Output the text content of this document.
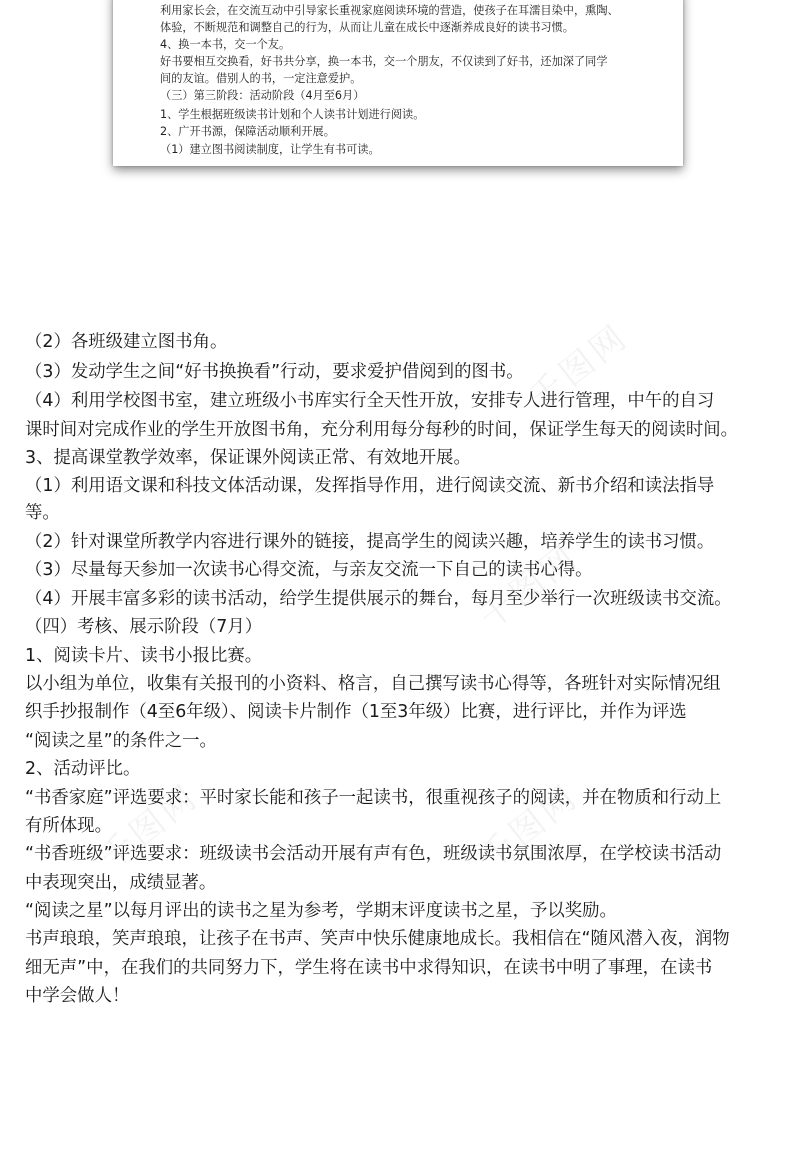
利用家长会，在交流互动中引导家长重视家庭阅读环境的营造，使孩子在耳濡目染中，熏陶、
体验，不断规范和调整自己的行为，从而让儿童在成长中逐渐养成良好的读书习惯。
4、换一本书，交一个友。
好书要相互交换看，好书共分享，换一本书，交一个朋友，不仅读到了好书，还加深了同学
间的友谊。借别人的书，一定注意爱护。
（三）第三阶段：活动阶段（4月至6月）
1、学生根据班级读书计划和个人读书计划进行阅读。
2、广开书源，保障活动顺利开展。
（1）建立图书阅读制度，让学生有书可读。
千图网
千图网
千图网	千图网
（2）各班级建立图书角。
（3）发动学生之间“好书换换看”行动，要求爱护借阅到的图书。
（4）利用学校图书室，建立班级小书库实行全天性开放，安排专人进行管理，中午的自习
课时间对完成作业的学生开放图书角，充分利用每分每秒的时间，保证学生每天的阅读时间。
3、提高课堂教学效率，保证课外阅读正常、有效地开展。
（1）利用语文课和科技文体活动课，发挥指导作用，进行阅读交流、新书介绍和读法指导
等。
（2）针对课堂所教学内容进行课外的链接，提高学生的阅读兴趣，培养学生的读书习惯。
（3）尽量每天参加一次读书心得交流，与亲友交流一下自己的读书心得。
（4）开展丰富多彩的读书活动，给学生提供展示的舞台，每月至少举行一次班级读书交流。
（四）考核、展示阶段（7月）
1、阅读卡片、读书小报比赛。
以小组为单位，收集有关报刊的小资料、格言，自己撰写读书心得等，各班针对实际情况组
织手抄报制作（4至6年级）、阅读卡片制作（1至3年级）比赛，进行评比，并作为评选
“阅读之星”的条件之一。
2、活动评比。
“书香家庭”评选要求：平时家长能和孩子一起读书，很重视孩子的阅读，并在物质和行动上
有所体现。
“书香班级”评选要求：班级读书会活动开展有声有色，班级读书氛围浓厚，在学校读书活动
中表现突出，成绩显著。
“阅读之星”以每月评出的读书之星为参考，学期末评度读书之星，予以奖励。
书声琅琅，笑声琅琅，让孩子在书声、笑声中快乐健康地成长。我相信在“随风潜入夜，润物
细无声”中，在我们的共同努力下，学生将在读书中求得知识，在读书中明了事理，在读书
中学会做人！
